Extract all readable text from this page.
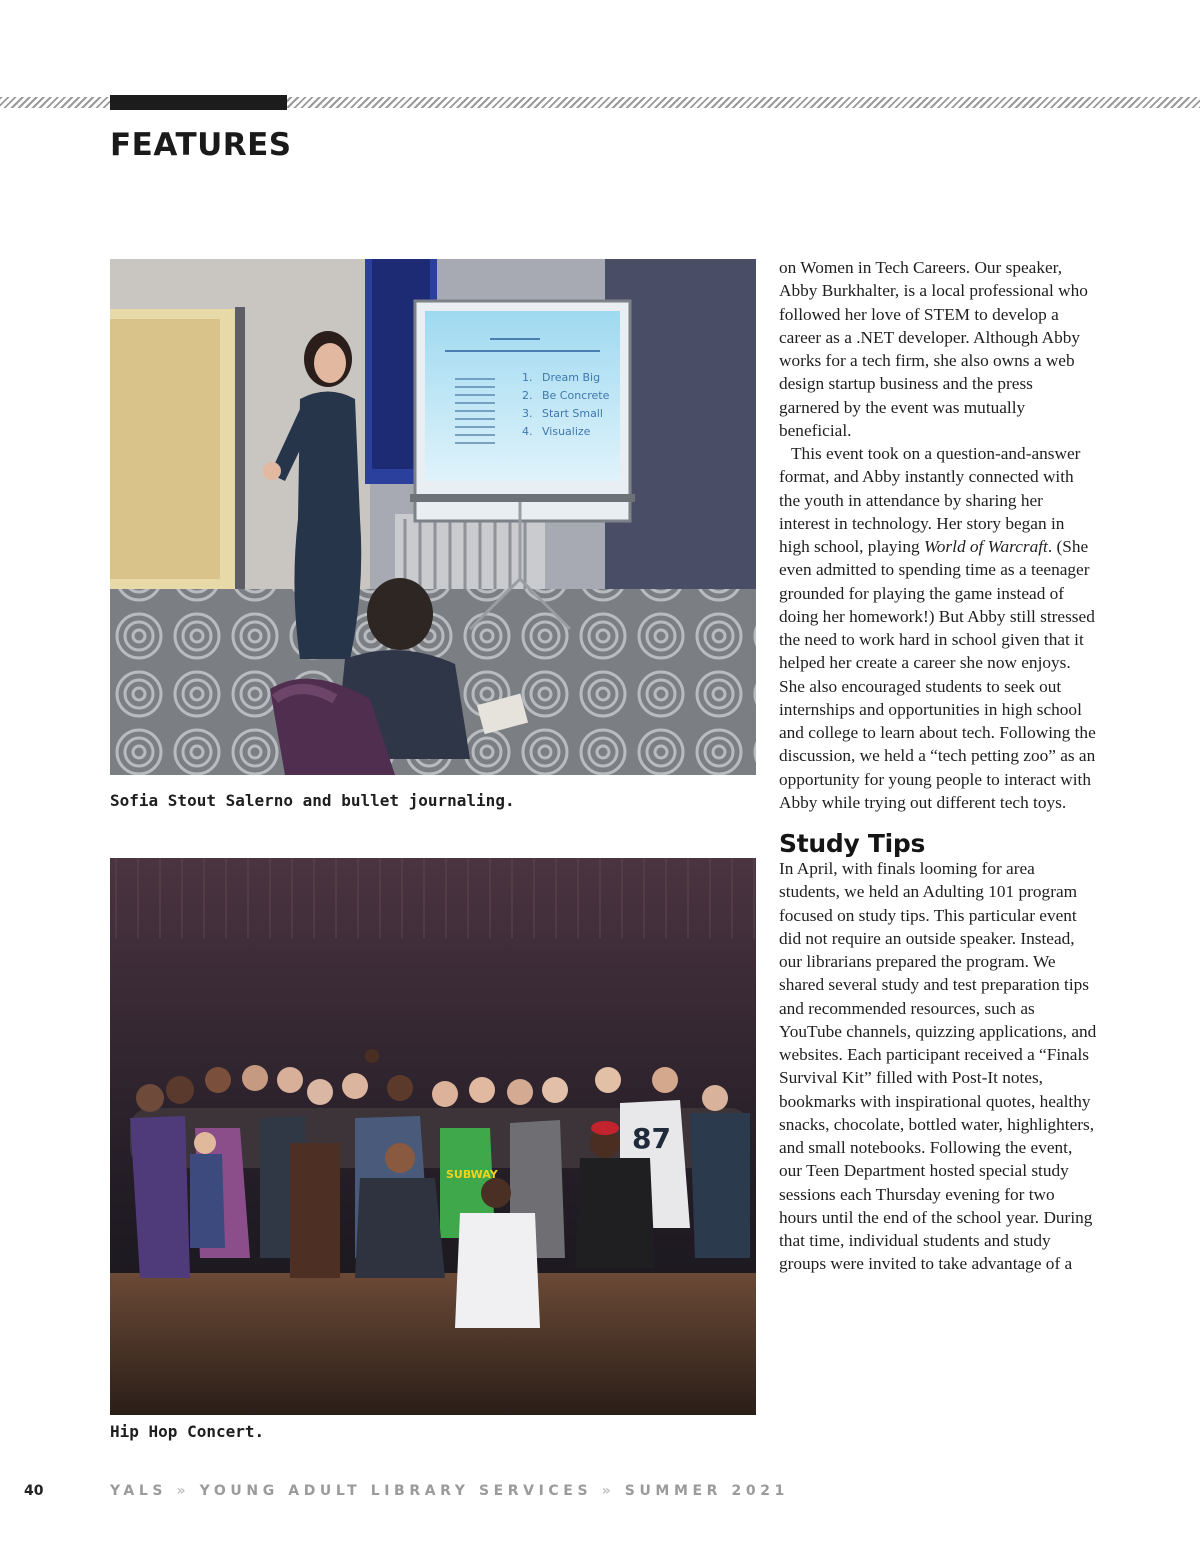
FEATURES
1. Dream Big
2. Be Concrete
3. Start Small
4. Visualize

Sofia Stout Salerno and bullet journaling.

87
SUBWAY

Hip Hop Concert.

on Women in Tech Careers. Our speaker, Abby Burkhalter, is a local professional who followed her love of STEM to develop a career as a .NET developer. Although Abby works for a tech firm, she also owns a web design startup business and the press garnered by the event was mutually beneficial.

This event took on a question-and-answer format, and Abby instantly connected with the youth in attendance by sharing her interest in technology. Her story began in high school, playing World of Warcraft. (She even admitted to spending time as a teenager grounded for playing the game instead of doing her homework!) But Abby still stressed the need to work hard in school given that it helped her create a career she now enjoys. She also encouraged students to seek out internships and opportunities in high school and college to learn about tech. Following the discussion, we held a “tech petting zoo” as an opportunity for young people to interact with Abby while trying out different tech toys.

Study Tips

In April, with finals looming for area students, we held an Adulting 101 program focused on study tips. This particular event did not require an outside speaker. Instead, our librarians prepared the program. We shared several study and test preparation tips and recommended resources, such as YouTube channels, quizzing applications, and websites. Each participant received a “Finals Survival Kit” filled with Post-It notes, bookmarks with inspirational quotes, healthy snacks, chocolate, bottled water, highlighters, and small notebooks. Following the event, our Teen Department hosted special study sessions each Thursday evening for two hours until the end of the school year. During that time, individual students and study groups were invited to take advantage of a

40	YALS » YOUNG ADULT LIBRARY SERVICES » SUMMER 2021
